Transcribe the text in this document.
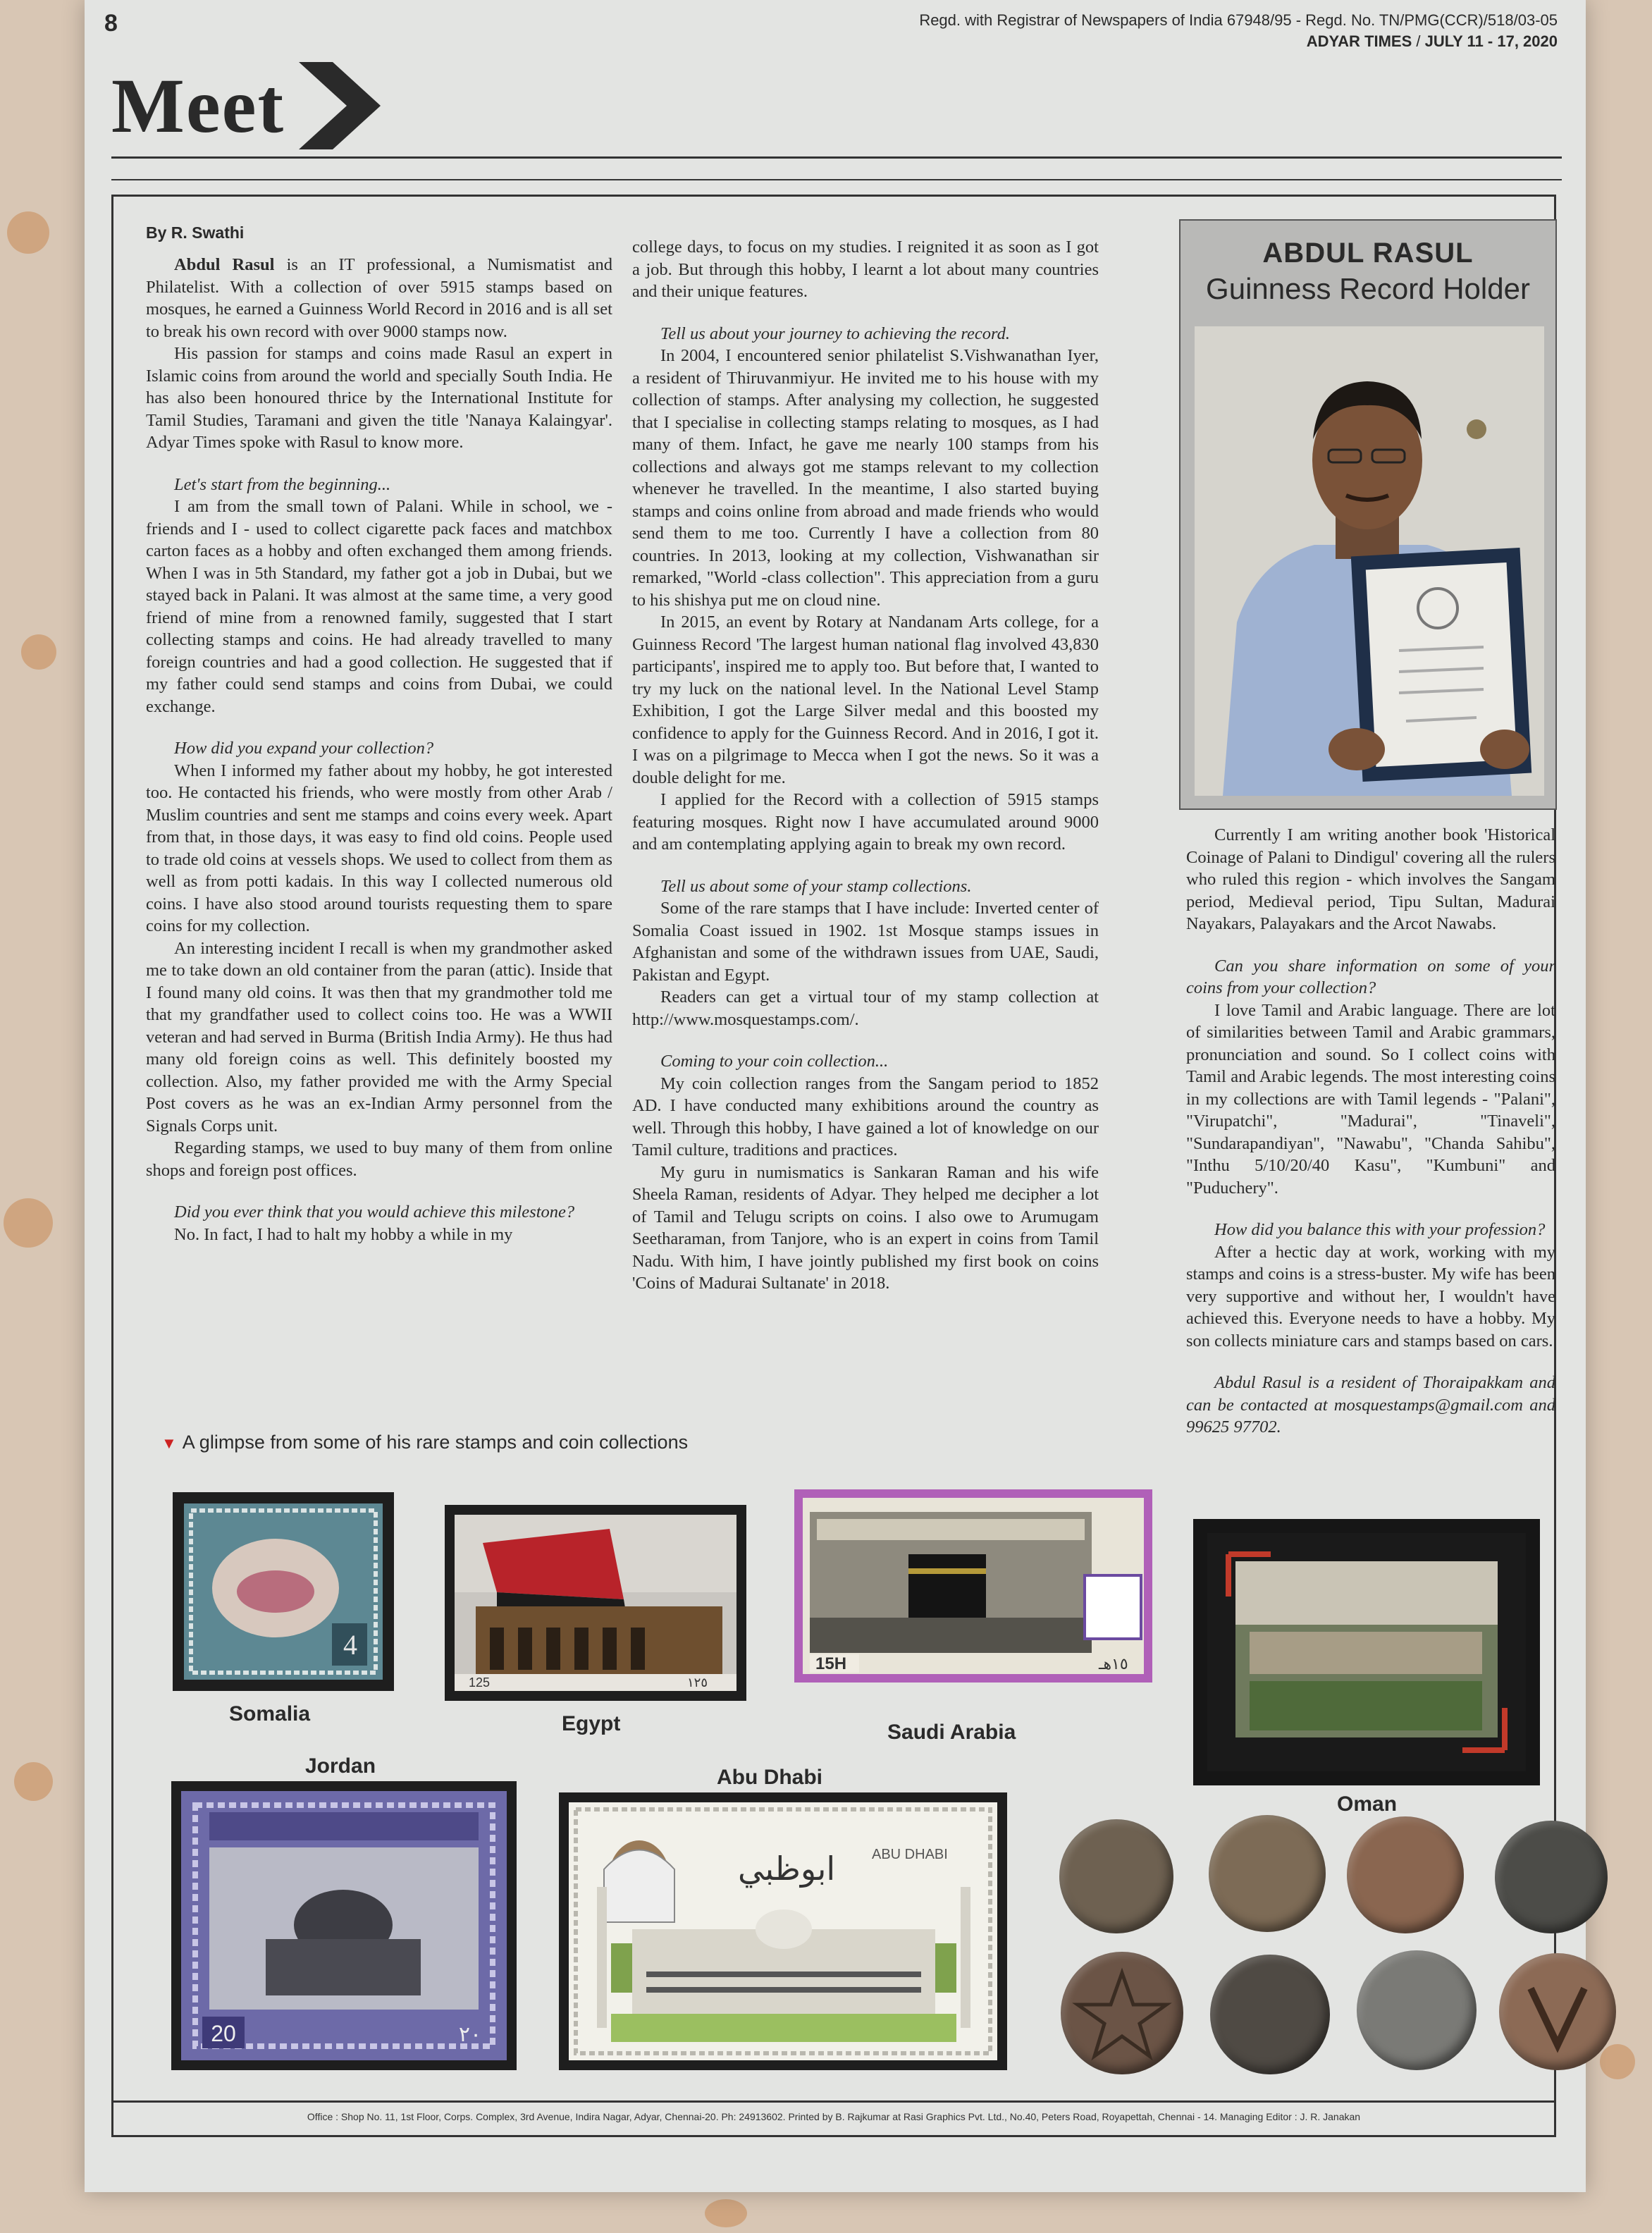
8	Regd. with Registrar of Newspapers of India 67948/95 - Regd. No. TN/PMG(CCR)/518/03-05
ADYAR TIMES / JULY 11 - 17, 2020
Meet
By R. Swathi

Abdul Rasul is an IT professional, a Numismatist and Philatelist. With a collection of over 5915 stamps based on mosques, he earned a Guinness World Record in 2016 and is all set to break his own record with over 9000 stamps now.

His passion for stamps and coins made Rasul an expert in Islamic coins from around the world and specially South India. He has also been honoured thrice by the International Institute for Tamil Studies, Taramani and given the title 'Nanaya Kalaingyar'. Adyar Times spoke with Rasul to know more.

Let's start from the beginning...

I am from the small town of Palani. While in school, we - friends and I - used to collect cigarette pack faces and matchbox carton faces as a hobby and often exchanged them among friends. When I was in 5th Standard, my father got a job in Dubai, but we stayed back in Palani. It was almost at the same time, a very good friend of mine from a renowned family, suggested that I start collecting stamps and coins. He had already travelled to many foreign countries and had a good collection. He suggested that if my father could send stamps and coins from Dubai, we could exchange.

How did you expand your collection?

When I informed my father about my hobby, he got interested too. He contacted his friends, who were mostly from other Arab / Muslim countries and sent me stamps and coins every week. Apart from that, in those days, it was easy to find old coins. People used to trade old coins at vessels shops. We used to collect from them as well as from potti kadais. In this way I collected numerous old coins. I have also stood around tourists requesting them to spare coins for my collection.

An interesting incident I recall is when my grandmother asked me to take down an old container from the paran (attic). Inside that I found many old coins. It was then that my grandmother told me that my grandfather used to collect coins too. He was a WWII veteran and had served in Burma (British India Army). He thus had many old foreign coins as well. This definitely boosted my collection. Also, my father provided me with the Army Special Post covers as he was an ex-Indian Army personnel from the Signals Corps unit.

Regarding stamps, we used to buy many of them from online shops and foreign post offices.

Did you ever think that you would achieve this milestone?

No. In fact, I had to halt my hobby a while in my

college days, to focus on my studies. I reignited it as soon as I got a job. But through this hobby, I learnt a lot about many countries and their unique features.

Tell us about your journey to achieving the record.

In 2004, I encountered senior philatelist S.Vishwanathan Iyer, a resident of Thiruvanmiyur. He invited me to his house with my collection of stamps. After analysing my collection, he suggested that I specialise in collecting stamps relating to mosques, as I had many of them. Infact, he gave me nearly 100 stamps from his collections and always got me stamps relevant to my collection whenever he travelled. In the meantime, I also started buying stamps and coins online from abroad and made friends who would send them to me too. Currently I have a collection from 80 countries. In 2013, looking at my collection, Vishwanathan sir remarked, "World -class collection". This appreciation from a guru to his shishya put me on cloud nine.

In 2015, an event by Rotary at Nandanam Arts college, for a Guinness Record 'The largest human national flag involved 43,830 participants', inspired me to apply too. But before that, I wanted to try my luck on the national level. In the National Level Stamp Exhibition, I got the Large Silver medal and this boosted my confidence to apply for the Guinness Record. And in 2016, I got it. I was on a pilgrimage to Mecca when I got the news. So it was a double delight for me.

I applied for the Record with a collection of 5915 stamps featuring mosques. Right now I have accumulated around 9000 and am contemplating applying again to break my own record.

Tell us about some of your stamp collections.

Some of the rare stamps that I have include: Inverted center of Somalia Coast issued in 1902. 1st Mosque stamps issues in Afghanistan and some of the withdrawn issues from UAE, Saudi, Pakistan and Egypt.

Readers can get a virtual tour of my stamp collection at http://www.mosquestamps.com/.

Coming to your coin collection...

My coin collection ranges from the Sangam period to 1852 AD. I have conducted many exhibitions around the country as well. Through this hobby, I have gained a lot of knowledge on our Tamil culture, traditions and practices.

My guru in numismatics is Sankaran Raman and his wife Sheela Raman, residents of Adyar. They helped me decipher a lot of Tamil and Telugu scripts on coins. I also owe to Arumugam Seetharaman, from Tanjore, who is an expert in coins from Tamil Nadu. With him, I have jointly published my first book on coins 'Coins of Madurai Sultanate' in 2018.

Currently I am writing another book 'Historical Coinage of Palani to Dindigul' covering all the rulers who ruled this region - which involves the Sangam period, Medieval period, Tipu Sultan, Madurai Nayakars, Palayakars and the Arcot Nawabs.

Can you share information on some of your coins from your collection?

I love Tamil and Arabic language. There are lot of similarities between Tamil and Arabic grammars, pronunciation and sound. So I collect coins with Tamil and Arabic legends. The most interesting coins in my collections are with Tamil legends - "Palani", "Virupatchi", "Madurai", "Tinaveli", "Sundarapandiyan", "Nawabu", "Chanda Sahibu", "Inthu 5/10/20/40 Kasu", "Kumbuni" and "Puduchery".

How did you balance this with your profession?

After a hectic day at work, working with my stamps and coins is a stress-buster. My wife has been very supportive and without her, I wouldn't have achieved this. Everyone needs to have a hobby. My son collects miniature cars and stamps based on cars.

Abdul Rasul is a resident of Thoraipakkam and can be contacted at mosquestamps@gmail.com and 99625 97702.

ABDUL RASUL
Guinness Record Holder
▼ A glimpse from some of his rare stamps and coin collections
4
Somalia
125	١٢٥
Egypt
15H	١٥هـ
Saudi Arabia
Oman
Jordan
20	٢٠
Abu Dhabi
ابوظبي	ABU DHABI
Office : Shop No. 11, 1st Floor, Corps. Complex, 3rd Avenue, Indira Nagar, Adyar, Chennai-20. Ph: 24913602. Printed by B. Rajkumar at Rasi Graphics Pvt. Ltd., No.40, Peters Road, Royapettah, Chennai - 14. Managing Editor : J. R. Janakan
